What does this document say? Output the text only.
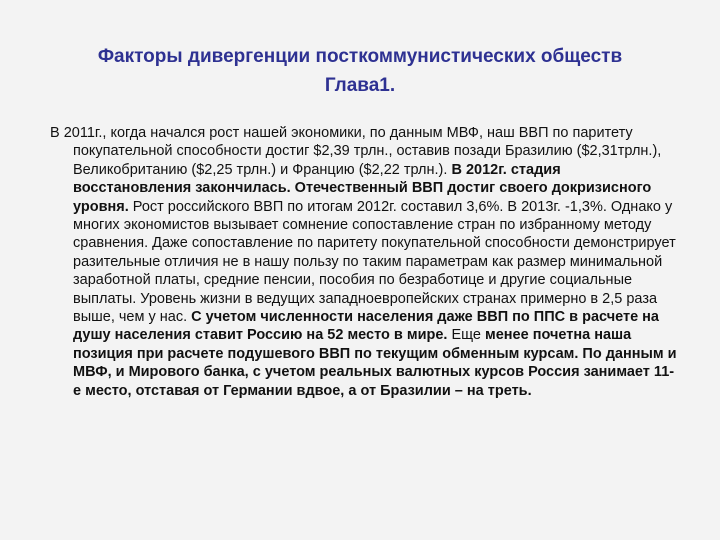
Факторы дивергенции посткоммунистических обществ
Глава1.

В 2011г., когда начался рост нашей экономики, по данным МВФ, наш ВВП по паритету покупательной способности достиг $2,39 трлн., оставив позади Бразилию ($2,31трлн.), Великобританию ($2,25 трлн.) и Францию ($2,22 трлн.). В 2012г. стадия восстановления закончилась. Отечественный ВВП достиг своего докризисного уровня. Рост российского ВВП по итогам 2012г. составил 3,6%. В 2013г. -1,3%. Однако у многих экономистов вызывает сомнение сопоставление стран по избранному методу сравнения. Даже сопоставление по паритету покупательной способности демонстрирует разительные отличия не в нашу пользу по таким параметрам как размер минимальной заработной платы, средние пенсии, пособия по безработице и другие социальные выплаты. Уровень жизни в ведущих западноевропейских странах примерно в 2,5 раза выше, чем у нас. С учетом численности населения даже ВВП по ППС в расчете на душу населения ставит Россию на 52 место в мире. Еще менее почетна наша позиция при расчете подушевого ВВП по текущим обменным курсам. По данным и МВФ, и Мирового банка, с учетом реальных валютных курсов Россия занимает 11-е место, отставая от Германии вдвое, а от Бразилии – на треть.
